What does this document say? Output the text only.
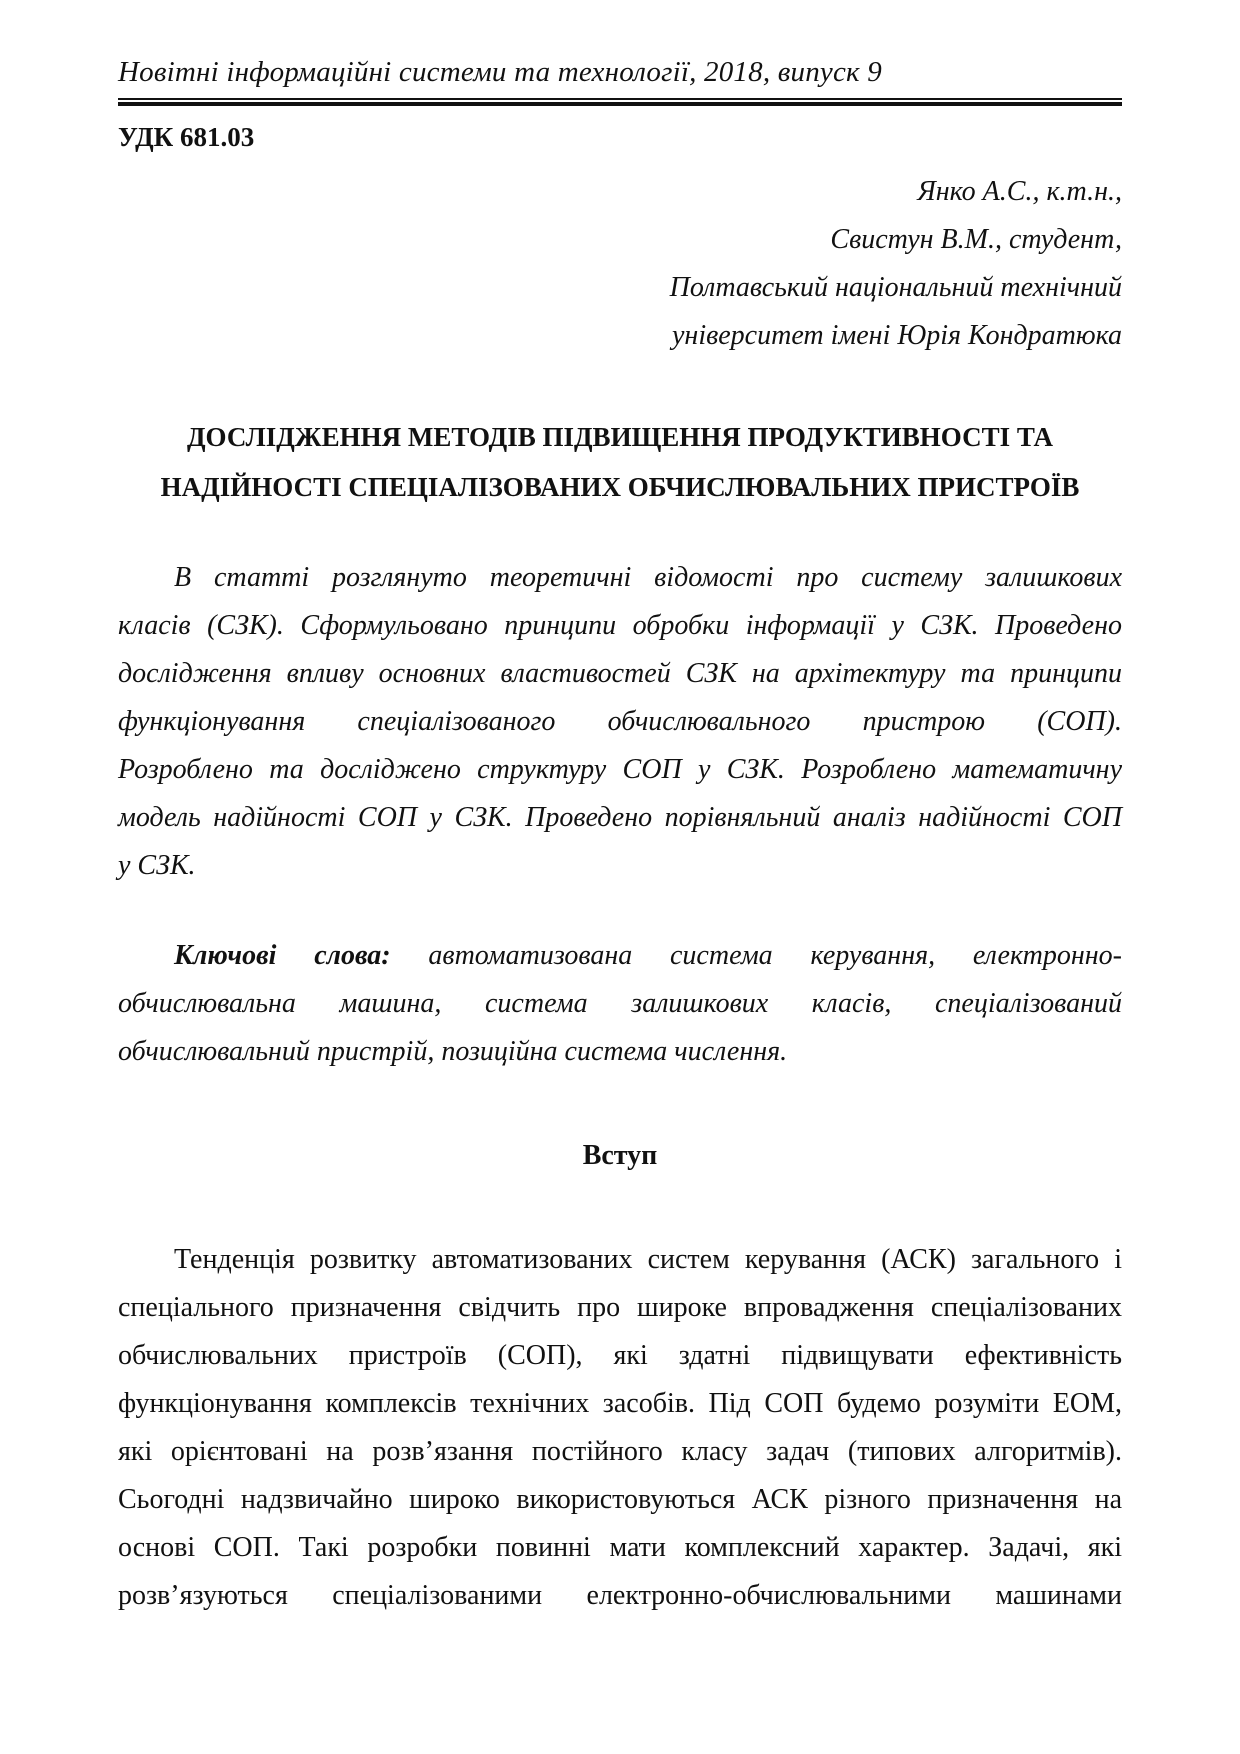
Новітні інформаційні системи та технології, 2018, випуск 9
УДК 681.03
Янко А.С., к.т.н.,
Свистун В.М., студент,
Полтавський національний технічний
університет імені Юрія Кондратюка
ДОСЛІДЖЕННЯ МЕТОДІВ ПІДВИЩЕННЯ ПРОДУКТИВНОСТІ ТА
НАДІЙНОСТІ СПЕЦІАЛІЗОВАНИХ ОБЧИСЛЮВАЛЬНИХ ПРИСТРОЇВ
В статті розглянуто теоретичні відомості про систему залишкових
класів (СЗК). Сформульовано принципи обробки інформації у СЗК. Проведено
дослідження впливу основних властивостей СЗК на архітектуру та принципи
функціонування спеціалізованого обчислювального пристрою (СОП).
Розроблено та досліджено структуру СОП у СЗК. Розроблено математичну
модель надійності СОП у СЗК. Проведено порівняльний аналіз надійності СОП
у СЗК.
Ключові слова: автоматизована система керування, електронно-
обчислювальна машина, система залишкових класів, спеціалізований
обчислювальний пристрій, позиційна система числення.
Вступ
Тенденція розвитку автоматизованих систем керування (АСК) загального і
спеціального призначення свідчить про широке впровадження спеціалізованих
обчислювальних пристроїв (СОП), які здатні підвищувати ефективність
функціонування комплексів технічних засобів. Під СОП будемо розуміти ЕОМ,
які орієнтовані на розв’язання постійного класу задач (типових алгоритмів).
Сьогодні надзвичайно широко використовуються АСК різного призначення на
основі СОП. Такі розробки повинні мати комплексний характер. Задачі, які
розв’язуються спеціалізованими електронно-обчислювальними машинами
